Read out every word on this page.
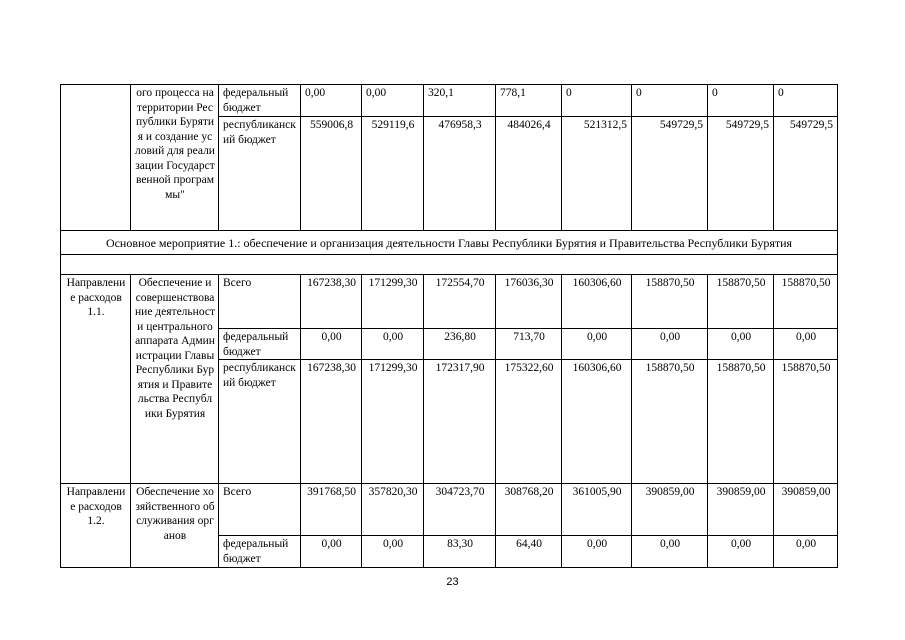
	ого процесса на территории Республики Бурятия и создание условий для реализации Государственной программы"	федеральный бюджет	0,00	0,00	320,1	778,1	0	0	0	0
		республиканский бюджет	559006,8	529119,6	476958,3	484026,4	521312,5	549729,5	549729,5	549729,5
Основное мероприятие 1.: обеспечение и организация деятельности Главы Республики Бурятия и Правительства Республики Бурятия										

Направление расходов 1.1.	Обеспечение и совершенствование деятельности центрального аппарата Администрации Главы Республики Бурятия и Правительства Республики Бурятия	Всего	167238,30	171299,30	172554,70	176036,30	160306,60	158870,50	158870,50	158870,50
		федеральный бюджет	0,00	0,00	236,80	713,70	0,00	0,00	0,00	0,00
		республиканский бюджет	167238,30	171299,30	172317,90	175322,60	160306,60	158870,50	158870,50	158870,50
Направление расходов 1.2.	Обеспечение хозяйственного обслуживания органов	Всего	391768,50	357820,30	304723,70	308768,20	361005,90	390859,00	390859,00	390859,00
		федеральный бюджет	0,00	0,00	83,30	64,40	0,00	0,00	0,00	0,00
23
